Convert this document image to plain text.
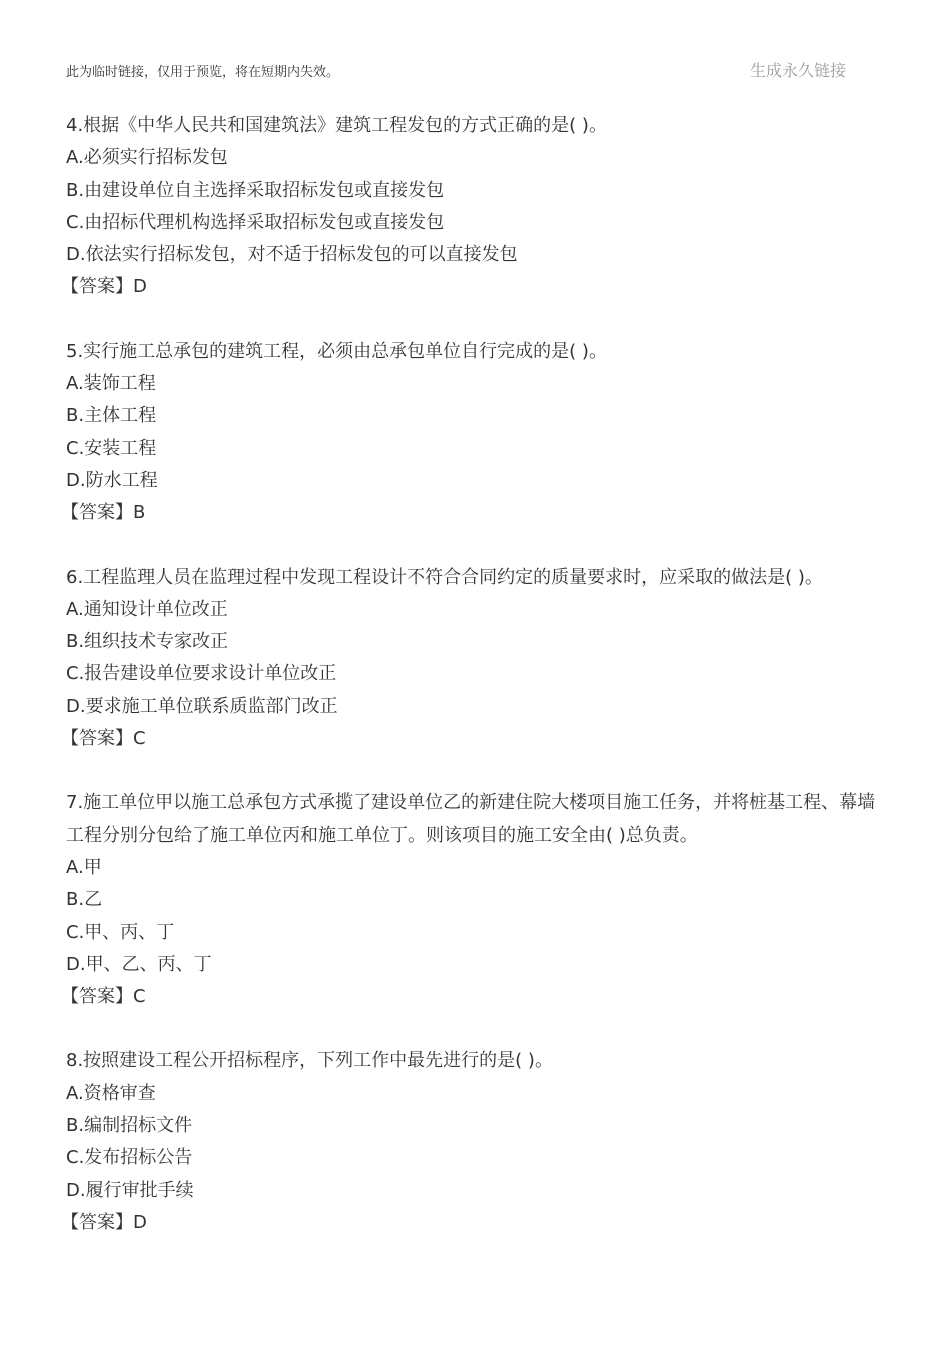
此为临时链接，仅用于预览，将在短期内失效。	生成永久链接
4.根据《中华人民共和国建筑法》建筑工程发包的方式正确的是( )。
A.必须实行招标发包
B.由建设单位自主选择采取招标发包或直接发包
C.由招标代理机构选择采取招标发包或直接发包
D.依法实行招标发包，对不适于招标发包的可以直接发包
【答案】D
5.实行施工总承包的建筑工程，必须由总承包单位自行完成的是( )。
A.装饰工程
B.主体工程
C.安装工程
D.防水工程
【答案】B
6.工程监理人员在监理过程中发现工程设计不符合合同约定的质量要求时，应采取的做法是( )。
A.通知设计单位改正
B.组织技术专家改正
C.报告建设单位要求设计单位改正
D.要求施工单位联系质监部门改正
【答案】C
7.施工单位甲以施工总承包方式承揽了建设单位乙的新建住院大楼项目施工任务，并将桩基工程、幕墙工程分别分包给了施工单位丙和施工单位丁。则该项目的施工安全由( )总负责。
A.甲
B.乙
C.甲、丙、丁
D.甲、乙、丙、丁
【答案】C
8.按照建设工程公开招标程序，下列工作中最先进行的是( )。
A.资格审查
B.编制招标文件
C.发布招标公告
D.履行审批手续
【答案】D
